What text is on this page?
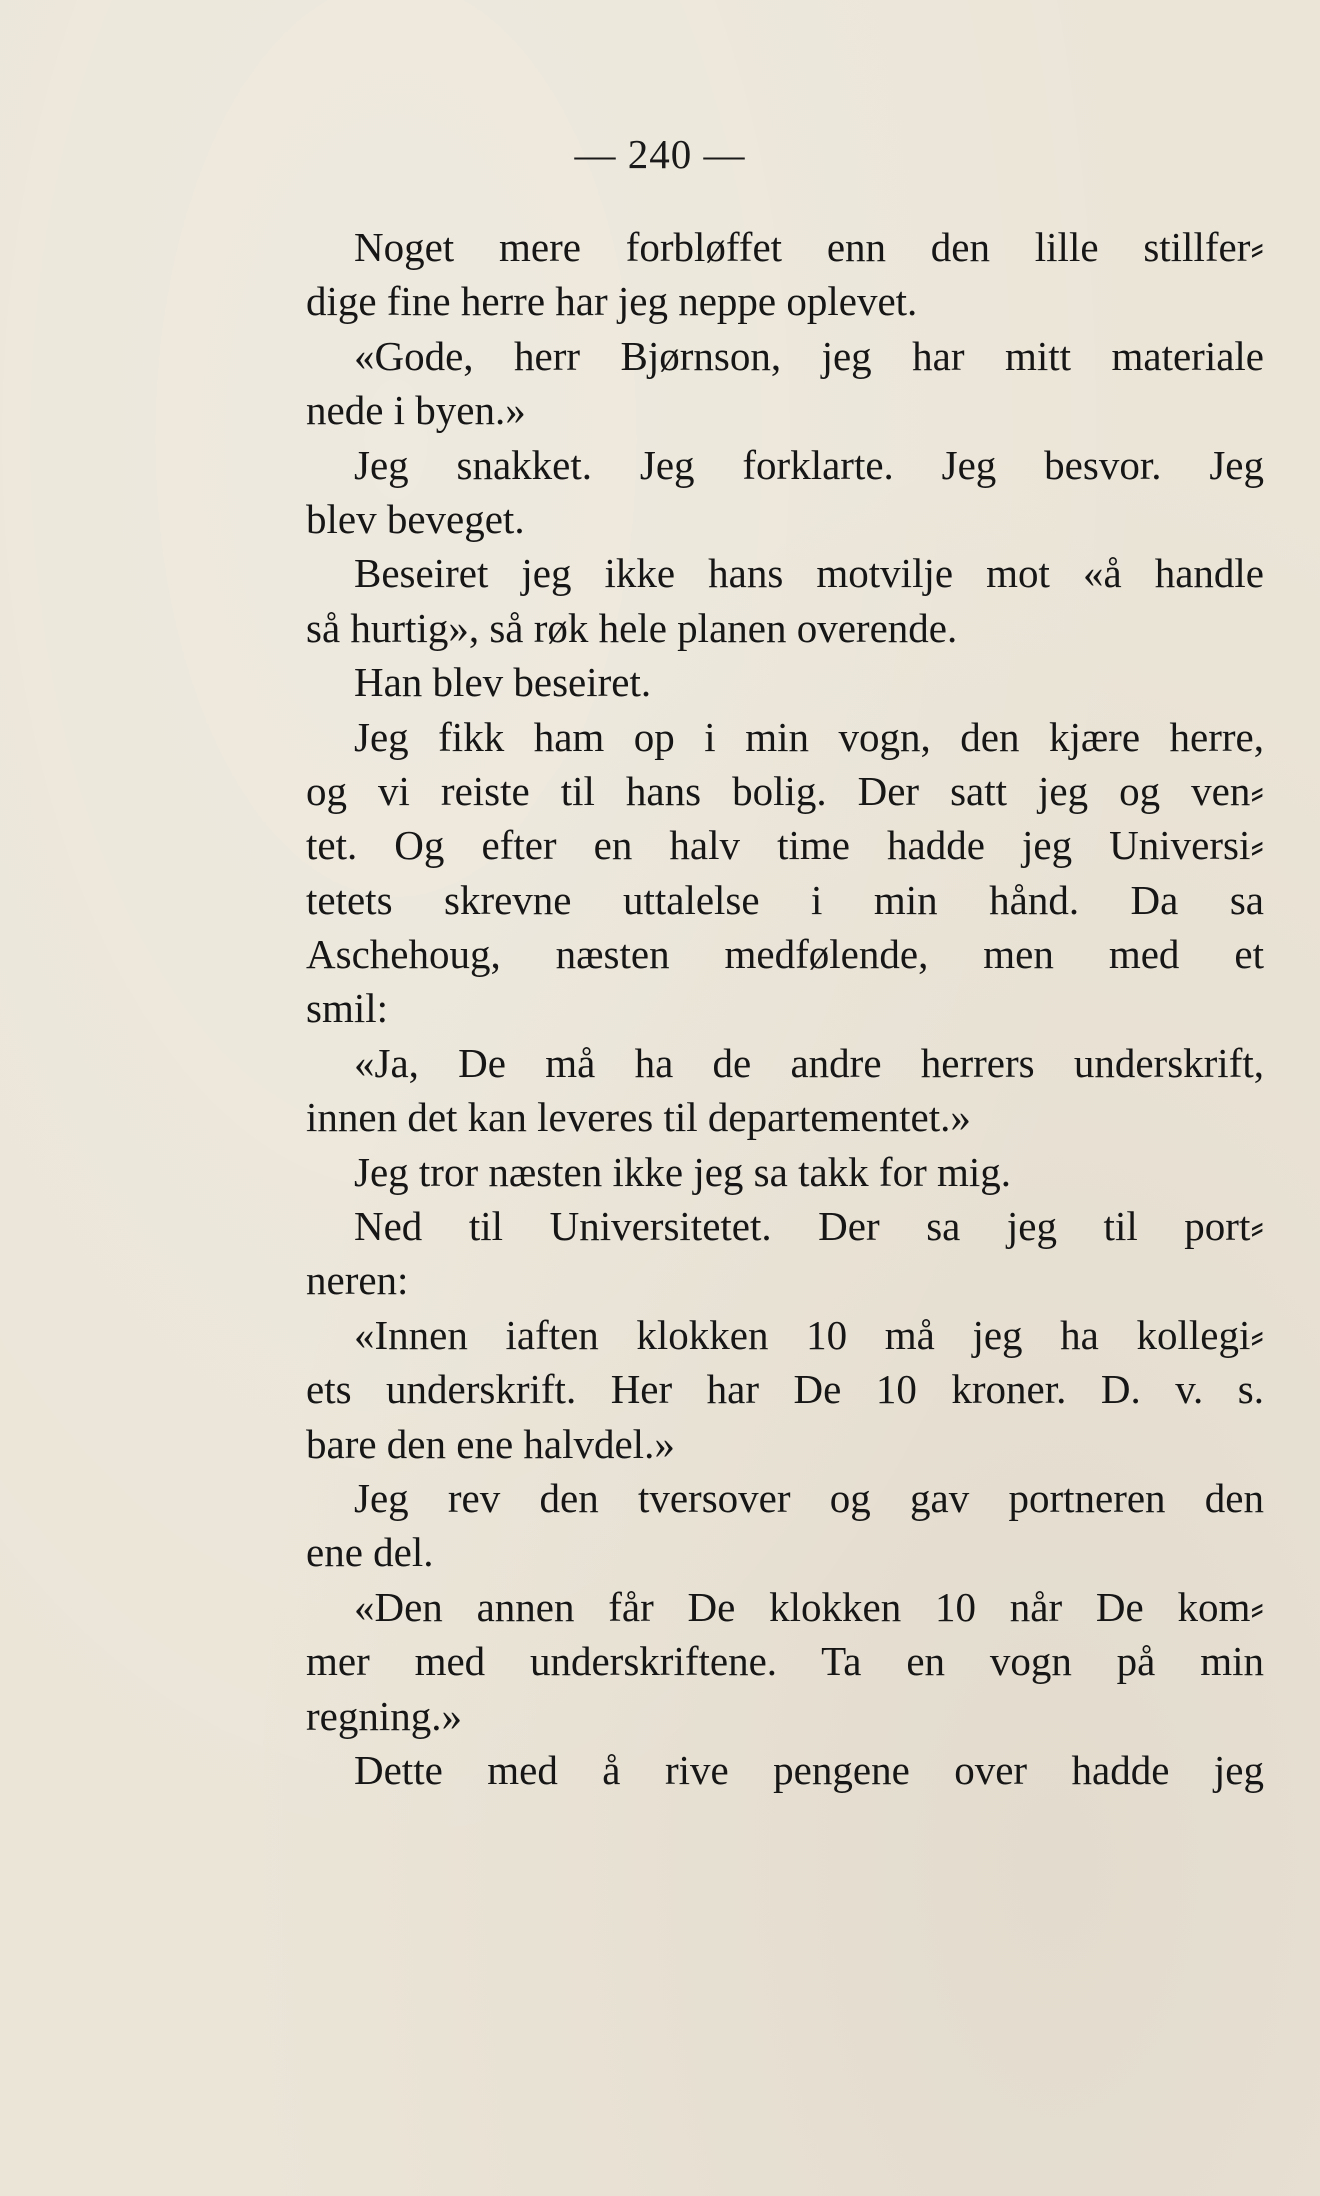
— 240 —
Noget mere forbløffet enn den lille stillfer⸗
dige fine herre har jeg neppe oplevet.
«Gode, herr Bjørnson, jeg har mitt materiale
nede i byen.»
Jeg snakket. Jeg forklarte. Jeg besvor. Jeg
blev beveget.
Beseiret jeg ikke hans motvilje mot «å handle
så hurtig», så røk hele planen overende.
Han blev beseiret.
Jeg fikk ham op i min vogn, den kjære herre,
og vi reiste til hans bolig. Der satt jeg og ven⸗
tet. Og efter en halv time hadde jeg Universi⸗
tetets skrevne uttalelse i min hånd. Da sa
Aschehoug, næsten medfølende, men med et
smil:
«Ja, De må ha de andre herrers underskrift,
innen det kan leveres til departementet.»
Jeg tror næsten ikke jeg sa takk for mig.
Ned til Universitetet. Der sa jeg til port⸗
neren:
«Innen iaften klokken 10 må jeg ha kollegi⸗
ets underskrift. Her har De 10 kroner. D. v. s.
bare den ene halvdel.»
Jeg rev den tversover og gav portneren den
ene del.
«Den annen får De klokken 10 når De kom⸗
mer med underskriftene. Ta en vogn på min
regning.»
Dette med å rive pengene over hadde jeg
